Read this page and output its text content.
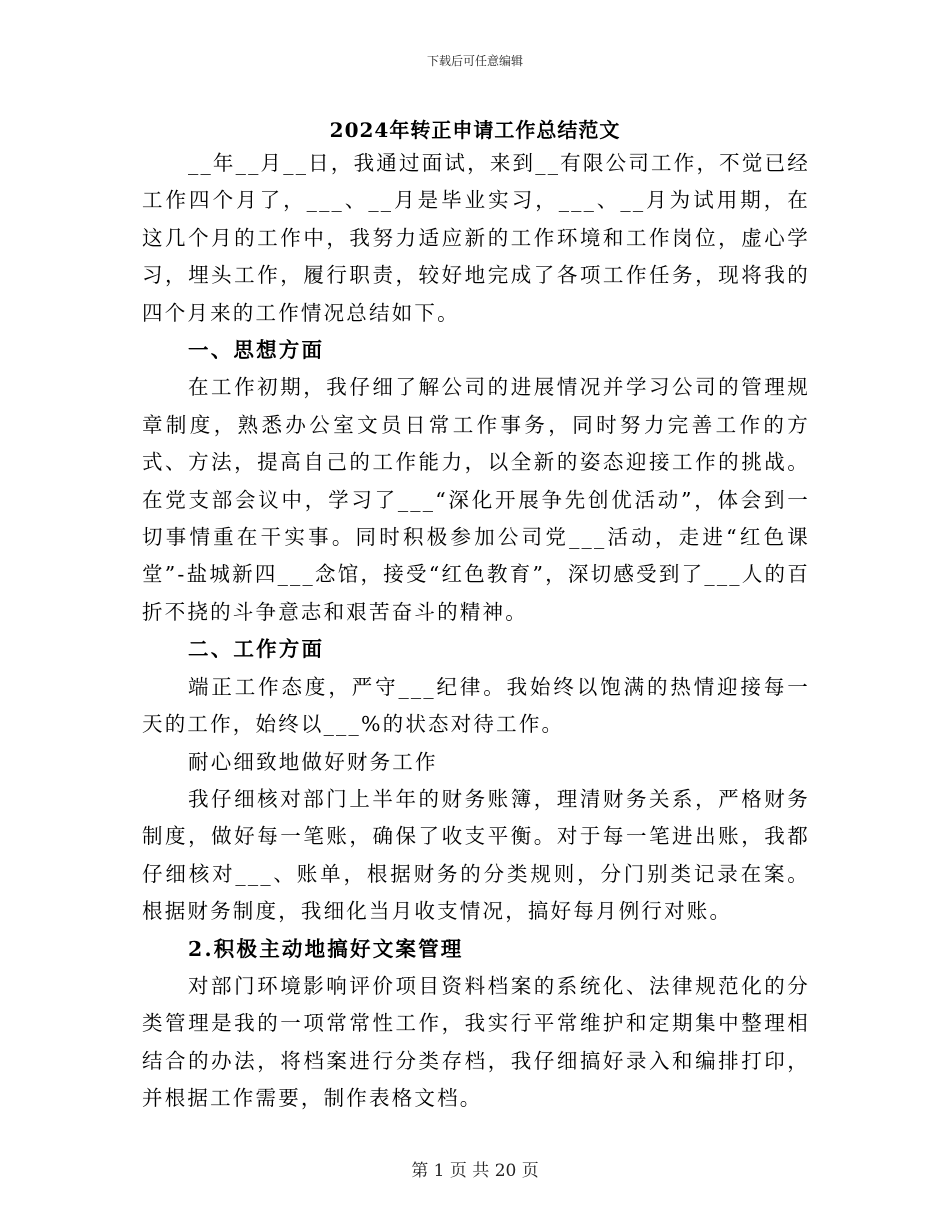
下载后可任意编辑
2024年转正申请工作总结范文

__年__月__日，我通过面试，来到__有限公司工作，不觉已经工作四个月了，___、__月是毕业实习，___、__月为试用期，在这几个月的工作中，我努力适应新的工作环境和工作岗位，虚心学习，埋头工作，履行职责，较好地完成了各项工作任务，现将我的四个月来的工作情况总结如下。

一、思想方面

在工作初期，我仔细了解公司的进展情况并学习公司的管理规章制度，熟悉办公室文员日常工作事务，同时努力完善工作的方式、方法，提高自己的工作能力，以全新的姿态迎接工作的挑战。在党支部会议中，学习了___“深化开展争先创优活动”，体会到一切事情重在干实事。同时积极参加公司党___活动，走进“红色课堂”-盐城新四___念馆，接受“红色教育”，深切感受到了___人的百折不挠的斗争意志和艰苦奋斗的精神。

二、工作方面

端正工作态度，严守___纪律。我始终以饱满的热情迎接每一天的工作，始终以___%的状态对待工作。

耐心细致地做好财务工作

我仔细核对部门上半年的财务账簿，理清财务关系，严格财务制度，做好每一笔账，确保了收支平衡。对于每一笔进出账，我都仔细核对___、账单，根据财务的分类规则，分门别类记录在案。根据财务制度，我细化当月收支情况，搞好每月例行对账。

2.积极主动地搞好文案管理

对部门环境影响评价项目资料档案的系统化、法律规范化的分类管理是我的一项常常性工作，我实行平常维护和定期集中整理相结合的办法，将档案进行分类存档，我仔细搞好录入和编排打印，并根据工作需要，制作表格文档。

第 1 页 共 20 页
